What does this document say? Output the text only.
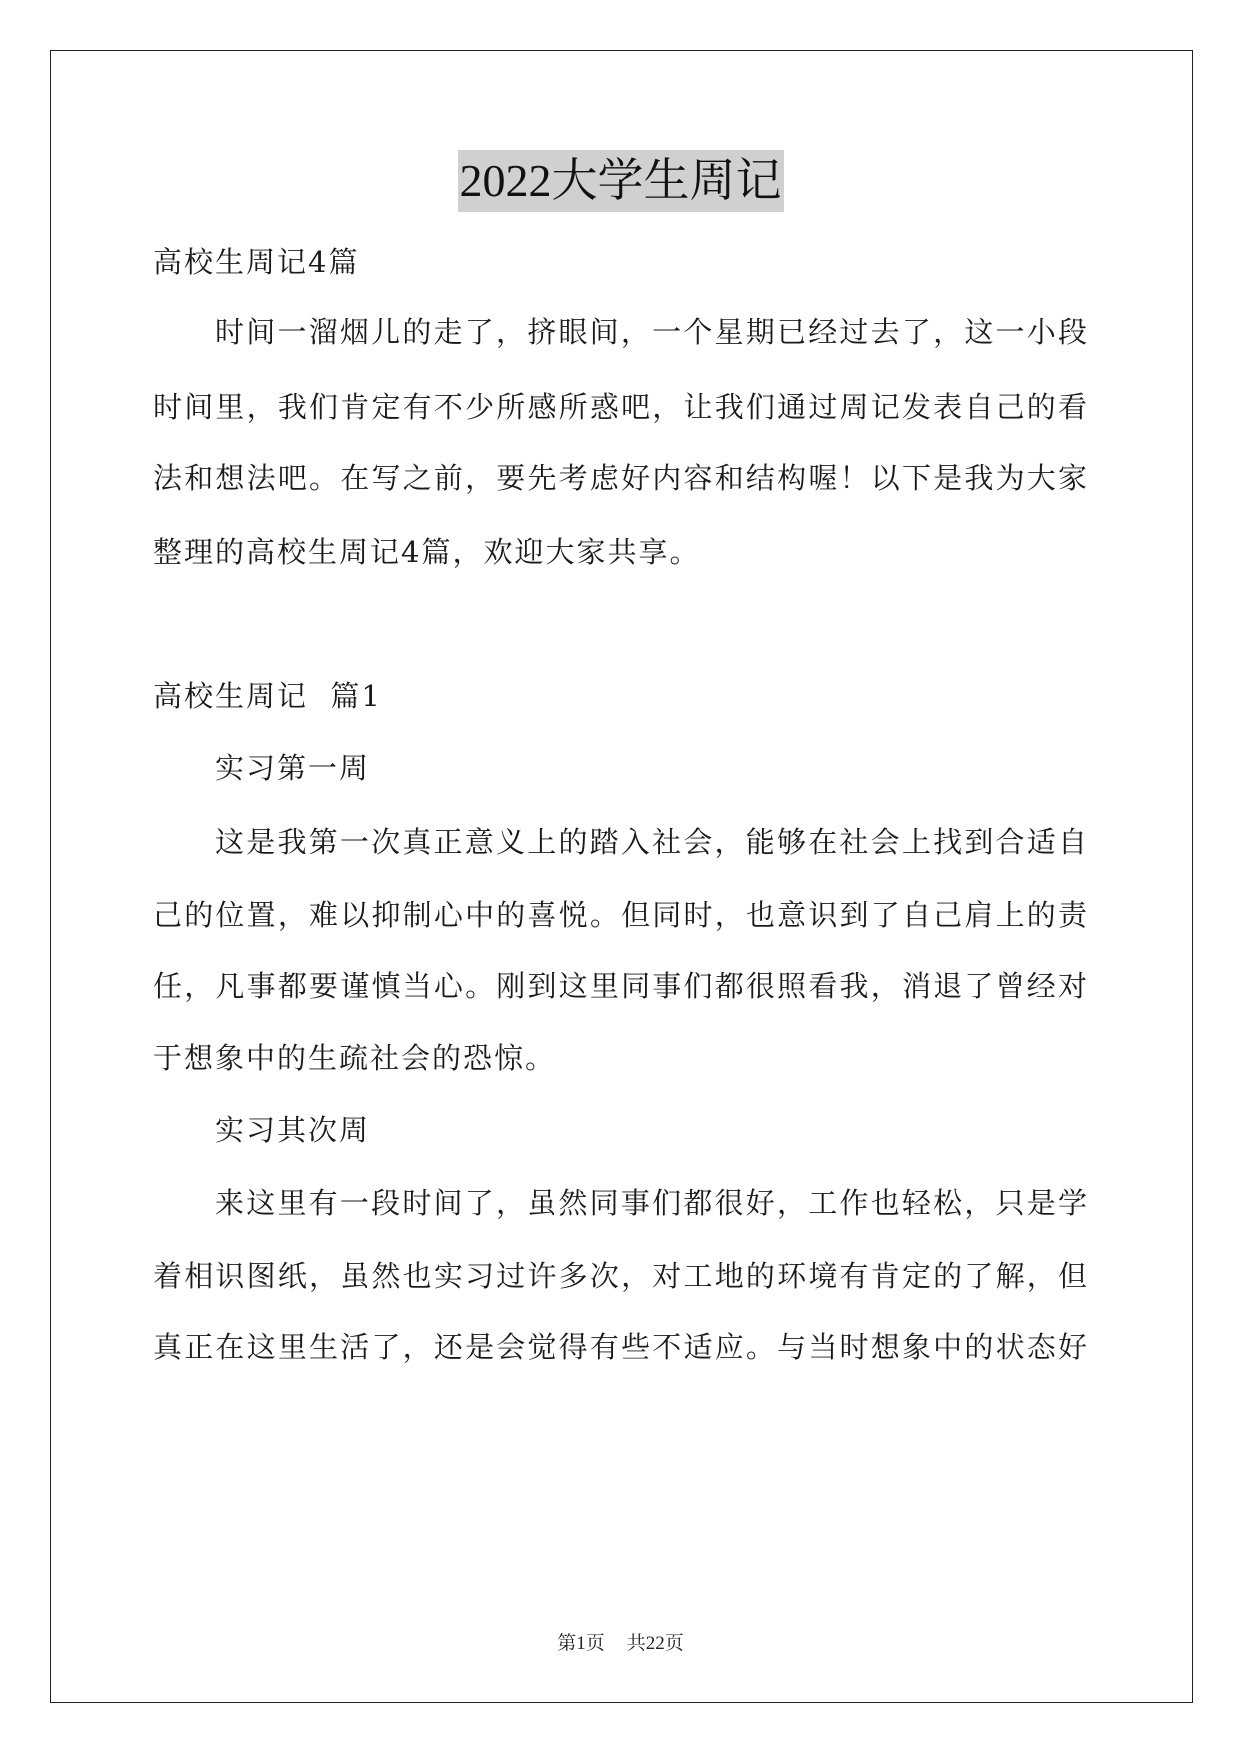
2022大学生周记
高校生周记4篇
时间一溜烟儿的走了，挤眼间，一个星期已经过去了，这一小段
时间里，我们肯定有不少所感所惑吧，让我们通过周记发表自己的看
法和想法吧。在写之前，要先考虑好内容和结构喔！以下是我为大家
整理的高校生周记4篇，欢迎大家共享。
高校生周记  篇1
实习第一周
这是我第一次真正意义上的踏入社会，能够在社会上找到合适自
己的位置，难以抑制心中的喜悦。但同时，也意识到了自己肩上的责
任，凡事都要谨慎当心。刚到这里同事们都很照看我，消退了曾经对
于想象中的生疏社会的恐惊。
实习其次周
来这里有一段时间了，虽然同事们都很好，工作也轻松，只是学
着相识图纸，虽然也实习过许多次，对工地的环境有肯定的了解，但
真正在这里生活了，还是会觉得有些不适应。与当时想象中的状态好
第1页 共22页
